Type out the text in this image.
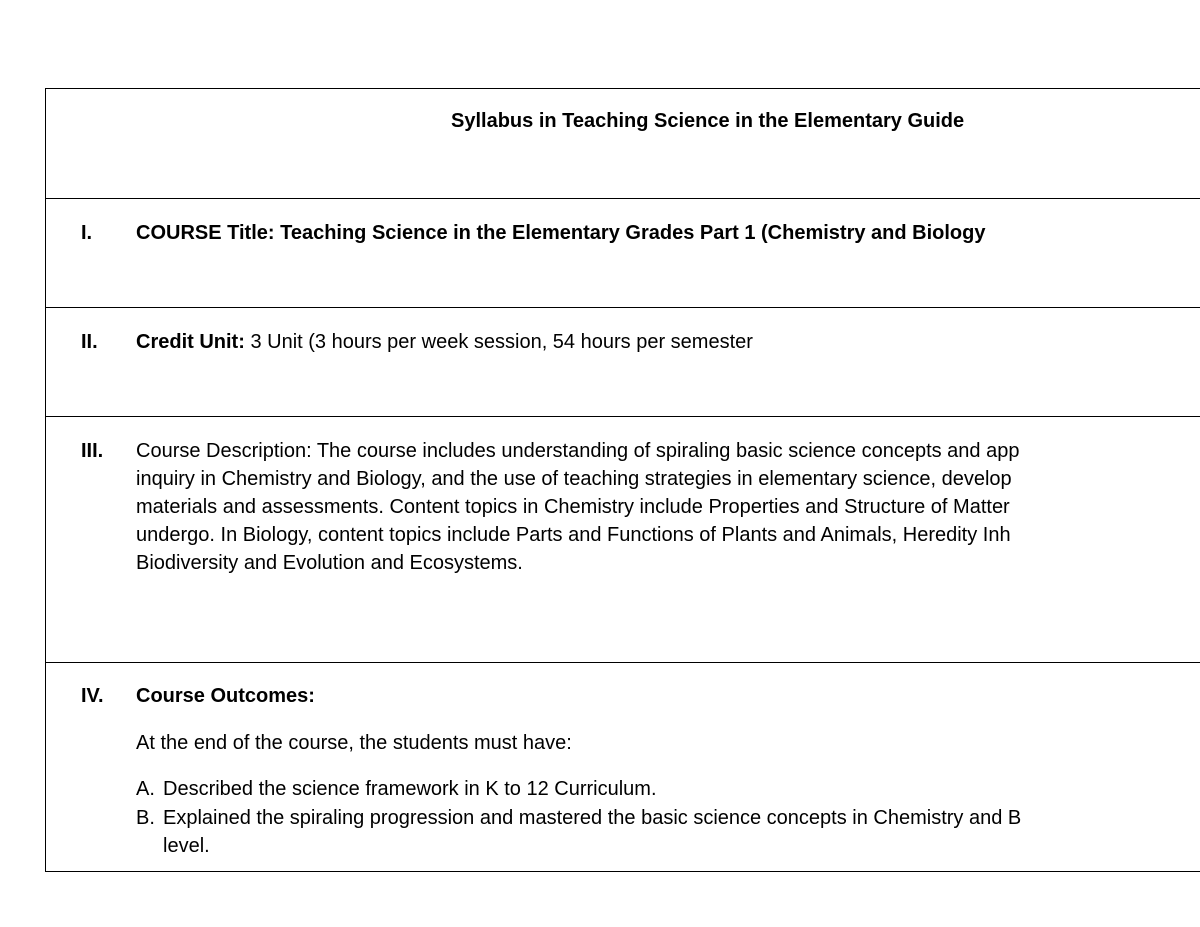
Syllabus in Teaching Science in the Elementary Guide
I. COURSE Title: Teaching Science in the Elementary Grades Part 1 (Chemistry and Biology
II. Credit Unit: 3 Unit (3 hours per week session, 54 hours per semester
III. Course Description: The course includes understanding of spiraling basic science concepts and app
inquiry in Chemistry and Biology, and the use of teaching strategies in elementary science, develop
materials and assessments. Content topics in Chemistry include Properties and Structure of Matter
undergo. In Biology, content topics include Parts and Functions of Plants and Animals, Heredity Inh
Biodiversity and Evolution and Ecosystems.
IV. Course Outcomes:
At the end of the course, the students must have:
A. Described the science framework in K to 12 Curriculum.
B. Explained the spiraling progression and mastered the basic science concepts in Chemistry and B
level.
